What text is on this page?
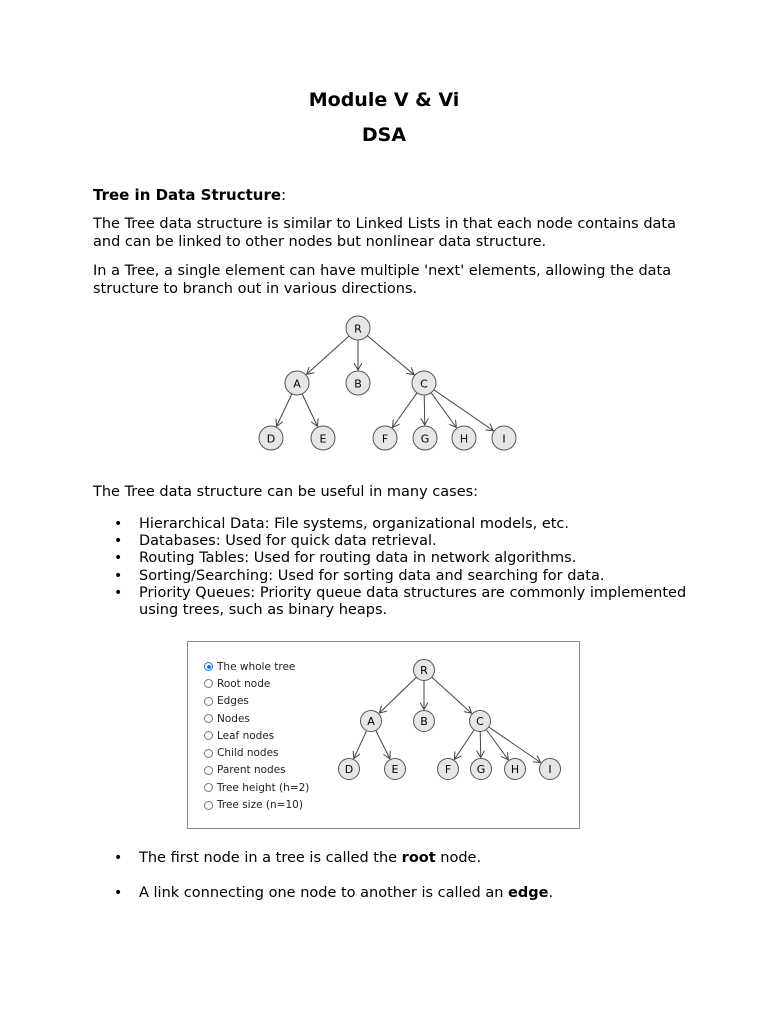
Module V & Vi
DSA
Tree in Data Structure:
The Tree data structure is similar to Linked Lists in that each node contains data and can be linked to other nodes but nonlinear data structure.
In a Tree, a single element can have multiple 'next' elements, allowing the data structure to branch out in various directions.
R
A	B	C
D	E	F	G	H	I
The Tree data structure can be useful in many cases:
• Hierarchical Data: File systems, organizational models, etc.
• Databases: Used for quick data retrieval.
• Routing Tables: Used for routing data in network algorithms.
• Sorting/Searching: Used for sorting data and searching for data.
• Priority Queues: Priority queue data structures are commonly implemented using trees, such as binary heaps.
The whole tree
Root node
Edges
Nodes
Leaf nodes
Child nodes
Parent nodes
Tree height (h=2)
Tree size (n=10)
R
A	B	C
D	E	F G H	I
• The first node in a tree is called the root node.
• A link connecting one node to another is called an edge.
